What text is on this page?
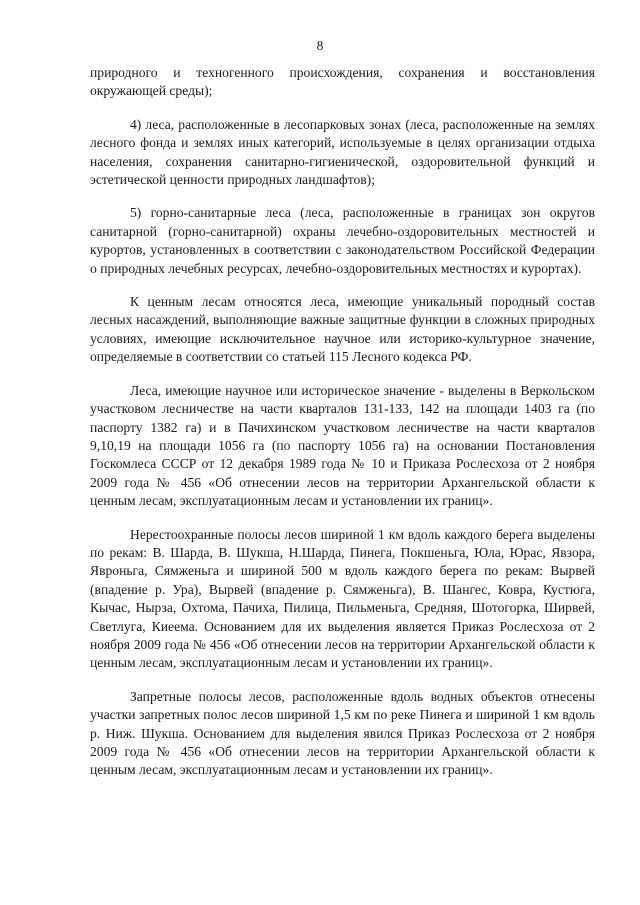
8

природного и техногенного происхождения, сохранения и восстановления окружающей среды);

4) леса, расположенные в лесопарковых зонах (леса, расположенные на землях лесного фонда и землях иных категорий, используемые в целях организации отдыха населения, сохранения санитарно-гигиенической, оздоровительной функций и эстетической ценности природных ландшафтов);

5) горно-санитарные леса (леса, расположенные в границах зон округов санитарной (горно-санитарной) охраны лечебно-оздоровительных местностей и курортов, установленных в соответствии с законодательством Российской Федерации о природных лечебных ресурсах, лечебно-оздоровительных местностях и курортах).

К ценным лесам относятся леса, имеющие уникальный породный состав лесных насаждений, выполняющие важные защитные функции в сложных природных условиях, имеющие исключительное научное или историко-культурное значение, определяемые в соответствии со статьей 115 Лесного кодекса РФ.

Леса, имеющие научное или историческое значение - выделены в Веркольском участковом лесничестве на части кварталов 131-133, 142 на площади 1403 га (по паспорту 1382 га) и в Пачихинском участковом лесничестве на части кварталов 9,10,19 на площади 1056 га (по паспорту 1056 га) на основании Постановления Госкомлеса СССР от 12 декабря 1989 года № 10 и Приказа Рослесхоза от 2 ноября 2009 года № 456 «Об отнесении лесов на территории Архангельской области к ценным лесам, эксплуатационным лесам и установлении их границ».

Нерестоохранные полосы лесов шириной 1 км вдоль каждого берега выделены по рекам: В. Шарда, В. Шукша, Н.Шарда, Пинега, Покшеньга, Юла, Юрас, Явзора, Явроньга, Сямженьга и шириной 500 м вдоль каждого берега по рекам: Вырвей (впадение р. Ура), Вырвей (впадение р. Сямженьга), В. Шангес, Ковра, Кустюга, Кычас, Нырза, Охтома, Пачиха, Пилица, Пильменьга, Средняя, Шотогорка, Ширвей, Светлуга, Киеема. Основанием для их выделения является Приказ Рослесхоза от 2 ноября 2009 года № 456 «Об отнесении лесов на территории Архангельской области к ценным лесам, эксплуатационным лесам и установлении их границ».

Запретные полосы лесов, расположенные вдоль водных объектов отнесены участки запретных полос лесов шириной 1,5 км по реке Пинега и шириной 1 км вдоль р. Ниж. Шукша. Основанием для выделения явился Приказ Рослесхоза от 2 ноября 2009 года № 456 «Об отнесении лесов на территории Архангельской области к ценным лесам, эксплуатационным лесам и установлении их границ».
